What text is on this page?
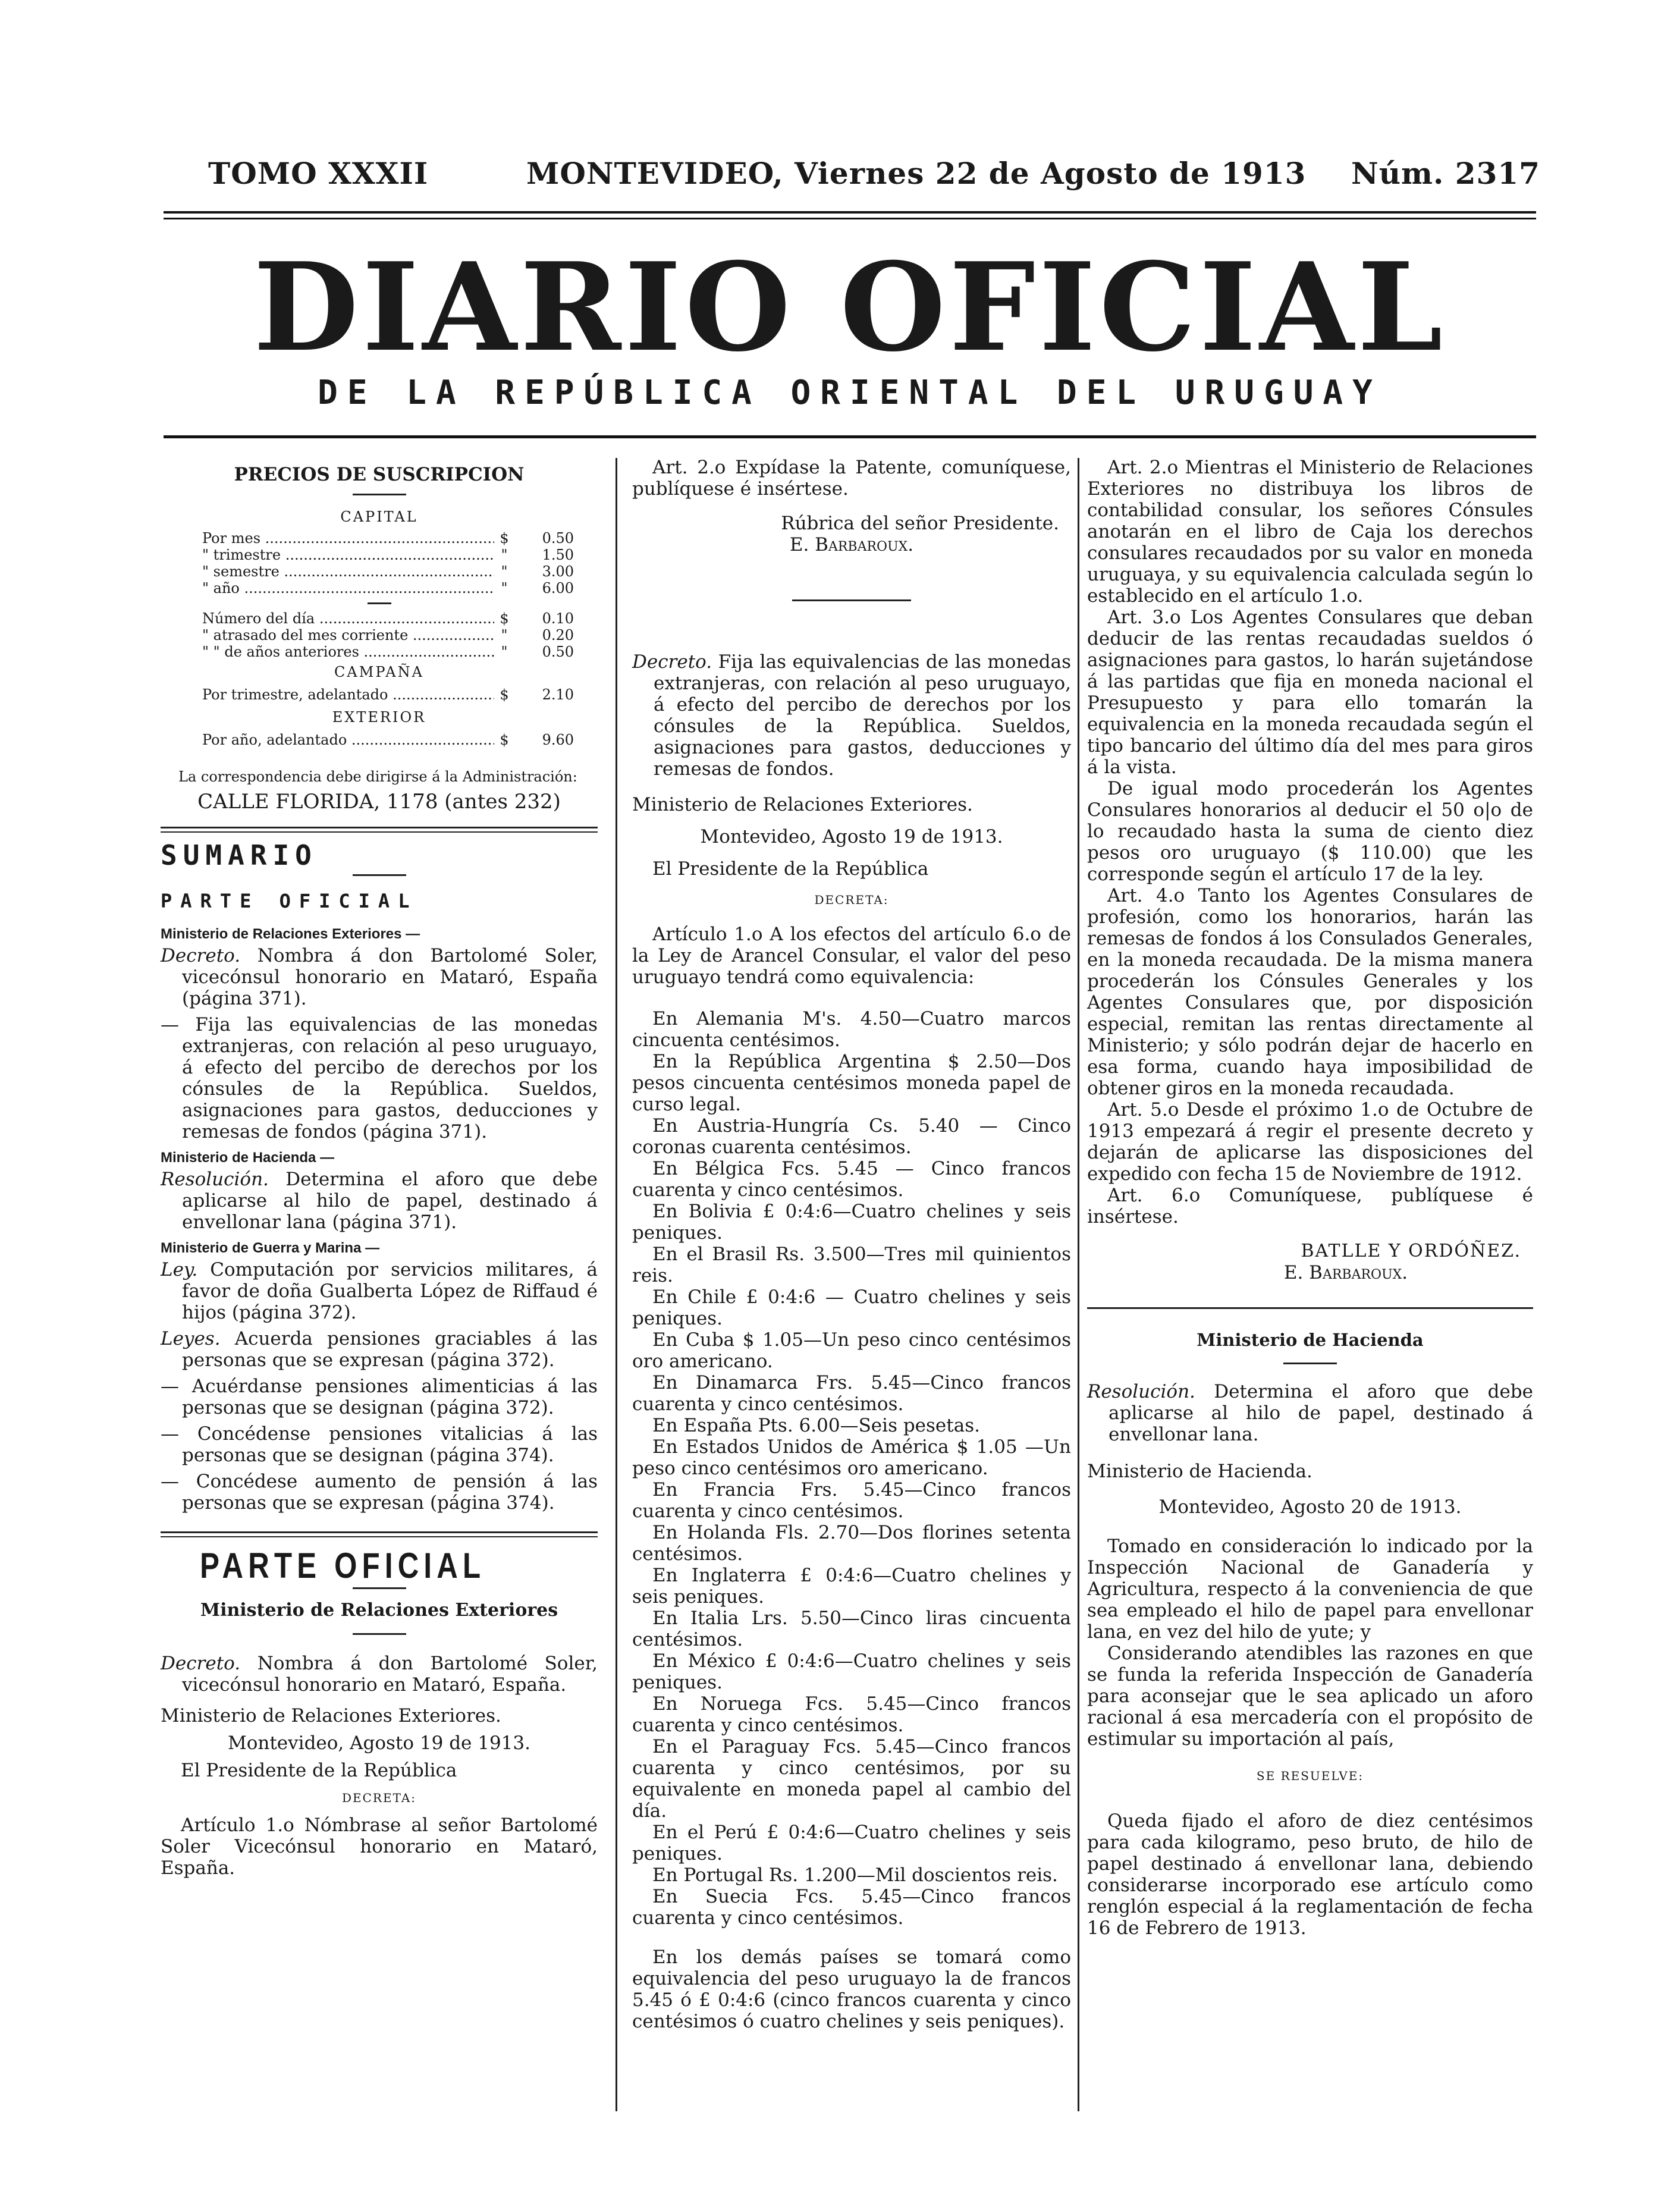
TOMO XXXII	MONTEVIDEO, Viernes 22 de Agosto de 1913 Núm. 2317
DIARIO OFICIAL
DE LA REPÚBLICA ORIENTAL DEL URUGUAY

PRECIOS DE SUSCRIPCION

CAPITAL

Por mes .....	$	0.50
" trimestre .....	"	1.50
" semestre .....	"	3.00
" año .....	"	6.00
Número del día .....	$	0.10
" atrasado del mes corriente .....	"	0.20
" " de años anteriores .....	"	0.50

CAMPAÑA

Por trimestre, adelantado .....	$	2.10

EXTERIOR

Por año, adelantado .....	$	9.60

La correspondencia debe dirigirse á la Administración:

CALLE FLORIDA, 1178 (antes 232)

SUMARIO

PARTE OFICIAL

Ministerio de Relaciones Exteriores —

Decreto. Nombra á don Bartolomé Soler, vicecónsul honorario en Mataró, España (página 371).

— Fija las equivalencias de las monedas extranjeras, con relación al peso uruguayo, á efecto del percibo de derechos por los cónsules de la República. Sueldos, asignaciones para gastos, deducciones y remesas de fondos (página 371).

Ministerio de Hacienda —

Resolución. Determina el aforo que debe aplicarse al hilo de papel, destinado á envellonar lana (página 371).

Ministerio de Guerra y Marina —

Ley. Computación por servicios militares, á favor de doña Gualberta López de Riffaud é hijos (página 372).

Leyes. Acuerda pensiones graciables á las personas que se expresan (página 372).

— Acuérdanse pensiones alimenticias á las personas que se designan (página 372).

— Concédense pensiones vitalicias á las personas que se designan (página 374).

— Concédese aumento de pensión á las personas que se expresan (página 374).

PARTE OFICIAL

Ministerio de Relaciones Exteriores

Decreto. Nombra á don Bartolomé Soler, vicecónsul honorario en Mataró, España.

Ministerio de Relaciones Exteriores.

Montevideo, Agosto 19 de 1913.

El Presidente de la República

DECRETA:

Artículo 1.o Nómbrase al señor Bartolomé Soler Vicecónsul honorario en Mataró, España.

Art. 2.o Expídase la Patente, comuníquese, publíquese é insértese.

Rúbrica del señor Presidente.

E. Barbaroux.

Decreto. Fija las equivalencias de las monedas extranjeras, con relación al peso uruguayo, á efecto del percibo de derechos por los cónsules de la República. Sueldos, asignaciones para gastos, deducciones y remesas de fondos.

Ministerio de Relaciones Exteriores.

Montevideo, Agosto 19 de 1913.

El Presidente de la República

DECRETA:

Artículo 1.o A los efectos del artículo 6.o de la Ley de Arancel Consular, el valor del peso uruguayo tendrá como equivalencia:

En Alemania M's. 4.50—Cuatro marcos cincuenta centésimos.

En la República Argentina $ 2.50—Dos pesos cincuenta centésimos moneda papel de curso legal.

En Austria-Hungría Cs. 5.40 — Cinco coronas cuarenta centésimos.

En Bélgica Fcs. 5.45 — Cinco francos cuarenta y cinco centésimos.

En Bolivia £ 0:4:6—Cuatro chelines y seis peniques.

En el Brasil Rs. 3.500—Tres mil quinientos reis.

En Chile £ 0:4:6 — Cuatro chelines y seis peniques.

En Cuba $ 1.05—Un peso cinco centésimos oro americano.

En Dinamarca Frs. 5.45—Cinco francos cuarenta y cinco centésimos.

En España Pts. 6.00—Seis pesetas.

En Estados Unidos de América $ 1.05 —Un peso cinco centésimos oro americano.

En Francia Frs. 5.45—Cinco francos cuarenta y cinco centésimos.

En Holanda Fls. 2.70—Dos florines setenta centésimos.

En Inglaterra £ 0:4:6—Cuatro chelines y seis peniques.

En Italia Lrs. 5.50—Cinco liras cincuenta centésimos.

En México £ 0:4:6—Cuatro chelines y seis peniques.

En Noruega Fcs. 5.45—Cinco francos cuarenta y cinco centésimos.

En el Paraguay Fcs. 5.45—Cinco francos cuarenta y cinco centésimos, por su equivalente en moneda papel al cambio del día.

En el Perú £ 0:4:6—Cuatro chelines y seis peniques.

En Portugal Rs. 1.200—Mil doscientos reis.

En Suecia Fcs. 5.45—Cinco francos cuarenta y cinco centésimos.

En los demás países se tomará como equivalencia del peso uruguayo la de francos 5.45 ó £ 0:4:6 (cinco francos cuarenta y cinco centésimos ó cuatro chelines y seis peniques).

Art. 2.o Mientras el Ministerio de Relaciones Exteriores no distribuya los libros de contabilidad consular, los señores Cónsules anotarán en el libro de Caja los derechos consulares recaudados por su valor en moneda uruguaya, y su equivalencia calculada según lo establecido en el artículo 1.o.

Art. 3.o Los Agentes Consulares que deban deducir de las rentas recaudadas sueldos ó asignaciones para gastos, lo harán sujetándose á las partidas que fija en moneda nacional el Presupuesto y para ello tomarán la equivalencia en la moneda recaudada según el tipo bancario del último día del mes para giros á la vista.

De igual modo procederán los Agentes Consulares honorarios al deducir el 50 o|o de lo recaudado hasta la suma de ciento diez pesos oro uruguayo ($ 110.00) que les corresponde según el artículo 17 de la ley.

Art. 4.o Tanto los Agentes Consulares de profesión, como los honorarios, harán las remesas de fondos á los Consulados Generales, en la moneda recaudada. De la misma manera procederán los Cónsules Generales y los Agentes Consulares que, por disposición especial, remitan las rentas directamente al Ministerio; y sólo podrán dejar de hacerlo en esa forma, cuando haya imposibilidad de obtener giros en la moneda recaudada.

Art. 5.o Desde el próximo 1.o de Octubre de 1913 empezará á regir el presente decreto y dejarán de aplicarse las disposiciones del expedido con fecha 15 de Noviembre de 1912.

Art. 6.o Comuníquese, publíquese é insértese.

BATLLE Y ORDÓÑEZ.

E. Barbaroux.

Ministerio de Hacienda

Resolución. Determina el aforo que debe aplicarse al hilo de papel, destinado á envellonar lana.

Ministerio de Hacienda.

Montevideo, Agosto 20 de 1913.

Tomado en consideración lo indicado por la Inspección Nacional de Ganadería y Agricultura, respecto á la conveniencia de que sea empleado el hilo de papel para envellonar lana, en vez del hilo de yute; y

Considerando atendibles las razones en que se funda la referida Inspección de Ganadería para aconsejar que le sea aplicado un aforo racional á esa mercadería con el propósito de estimular su importación al país,

SE RESUELVE:

Queda fijado el aforo de diez centésimos para cada kilogramo, peso bruto, de hilo de papel destinado á envellonar lana, debiendo considerarse incorporado ese artículo como renglón especial á la reglamentación de fecha 16 de Febrero de 1913.
